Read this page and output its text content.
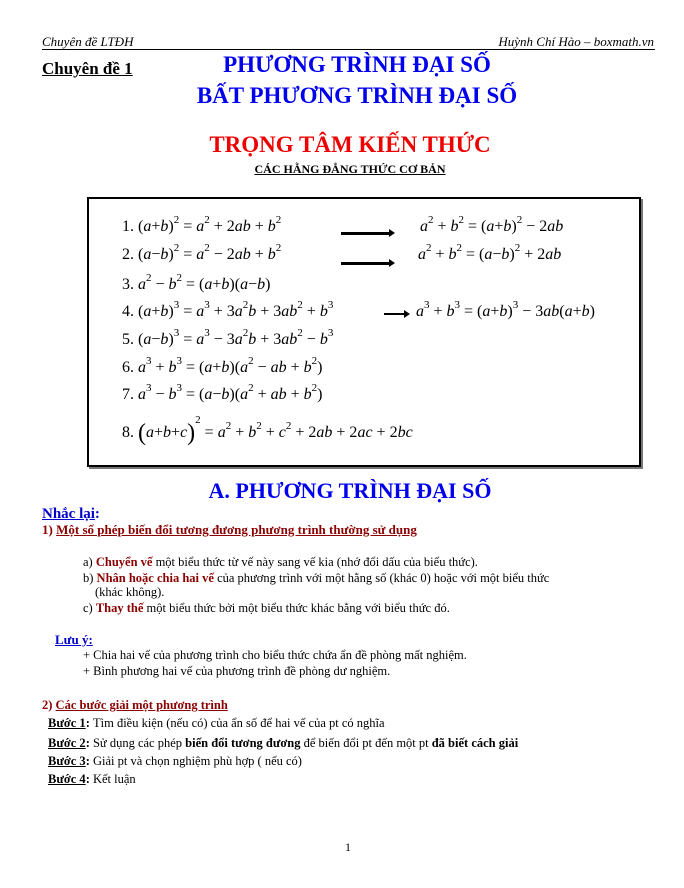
Chuyên đề LTĐH	Huỳnh Chí Hào – boxmath.vn
Chuyên đề 1	PHƯƠNG TRÌNH ĐẠI SỐ
BẤT PHƯƠNG TRÌNH ĐẠI SỐ
TRỌNG TÂM KIẾN THỨC
CÁC HẰNG ĐẲNG THỨC CƠ BẢN
1. $(a+b)^2 = a^2 + 2ab + b^2$	$a^2 + b^2 = (a+b)^2 - 2ab$
2. $(a-b)^2 = a^2 - 2ab + b^2$	$a^2 + b^2 = (a-b)^2 + 2ab$
3. $a^2 - b^2 = (a+b)(a-b)$
4. $(a+b)^3 = a^3 + 3a^2b + 3ab^2 + b^3$	$a^3 + b^3 = (a+b)^3 - 3ab(a+b)$
5. $(a-b)^3 = a^3 - 3a^2b + 3ab^2 - b^3$
6. $a^3 + b^3 = (a+b)(a^2$ − ab + $b^2$)
7. $a^3 - b^3 = (a-b)(a^2$ + ab + $b^2$)
8. $(a+b+c)^2 = a^2 + b^2 + c^2 + 2ab + 2ac + 2bc$
A. PHƯƠNG TRÌNH ĐẠI SỐ
Nhắc lại:
1) Một số phép biến đổi tương đương phương trình thường sử dụng
a) Chuyển vế một biểu thức từ vế này sang vế kia (nhớ đổi dấu của biểu thức).
b) Nhân hoặc chia hai vế của phương trình với một hằng số (khác 0) hoặc với một biểu thức
(khác không).
c) Thay thế một biểu thức bởi một biểu thức khác bằng với biểu thức đó.
Lưu ý:
+ Chia hai vế của phương trình cho biểu thức chứa ẩn đề phòng mất nghiệm.
+ Bình phương hai vế của phương trình đề phòng dư nghiệm.
2) Các bước giải một phương trình
Bước 1: Tìm điều kiện (nếu có) của ẩn số để hai vế của pt có nghĩa
Bước 2: Sử dụng các phép biến đổi tương đương để biến đổi pt đến một pt đã biết cách giải
Bước 3: Giải pt và chọn nghiệm phù hợp ( nếu có)
Bước 4: Kết luận
1
